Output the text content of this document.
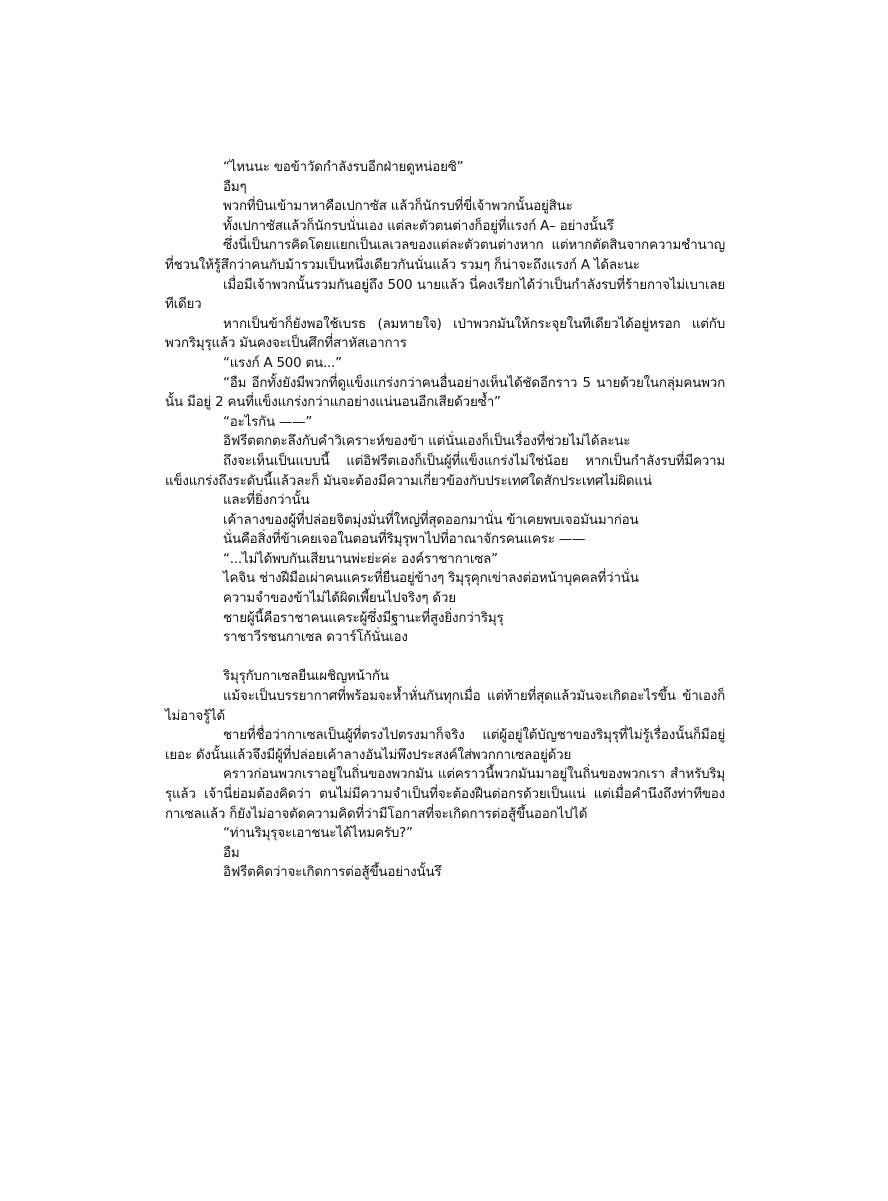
“ไหนนะ ขอข้าวัดกำลังรบอีกฝ่ายดูหน่อยซิ”

อืมๆ

พวกที่บินเข้ามาหาคือเปกาซัส แล้วก็นักรบที่ขี่เจ้าพวกนั้นอยู่สินะ

ทั้งเปกาซัสแล้วก็นักรบนั่นเอง แต่ละตัวตนต่างก็อยู่ที่แรงก์ A– อย่างนั้นรึ

ซึ่งนี่เป็นการคิดโดยแยกเป็นเลเวลของแต่ละตัวตนต่างหาก แต่หากตัดสินจากความชำนาญที่ชวนให้รู้สึกว่าคนกับม้ารวมเป็นหนึ่งเดียวกันนั่นแล้ว รวมๆ ก็น่าจะถึงแรงก์ A ได้ละนะ

เมื่อมีเจ้าพวกนั้นรวมกันอยู่ถึง 500 นายแล้ว นี่คงเรียกได้ว่าเป็นกำลังรบที่ร้ายกาจไม่เบาเลยทีเดียว

หากเป็นข้าก็ยังพอใช้เบรธ (ลมหายใจ) เป่าพวกมันให้กระจุยในทีเดียวได้อยู่หรอก แต่กับพวกริมุรุแล้ว มันคงจะเป็นศึกที่สาหัสเอาการ

“แรงก์ A 500 ตน...”

“อืม อีกทั้งยังมีพวกที่ดูแข็งแกร่งกว่าคนอื่นอย่างเห็นได้ชัดอีกราว 5 นายด้วยในกลุ่มคนพวกนั้น มีอยู่ 2 คนที่แข็งแกร่งกว่าแกอย่างแน่นอนอีกเสียด้วยซ้ำ”

“อะไรกัน ——”

อิฟรีตตกตะลึงกับคำวิเคราะห์ของข้า แต่นั่นเองก็เป็นเรื่องที่ช่วยไม่ได้ละนะ

ถึงจะเห็นเป็นแบบนี้ แต่อิฟรีตเองก็เป็นผู้ที่แข็งแกร่งไม่ใช่น้อย หากเป็นกำลังรบที่มีความแข็งแกร่งถึงระดับนี้แล้วละก็ มันจะต้องมีความเกี่ยวข้องกับประเทศใดสักประเทศไม่ผิดแน่

และที่ยิ่งกว่านั้น

เค้าลางของผู้ที่ปล่อยจิตมุ่งมั่นที่ใหญ่ที่สุดออกมานั่น ข้าเคยพบเจอมันมาก่อน

นั่นคือสิ่งที่ข้าเคยเจอในตอนที่ริมุรุพาไปที่อาณาจักรคนแคระ ——

“...ไม่ได้พบกันเสียนานพ่ะย่ะค่ะ องค์ราชากาเซล”

ไคจิน ช่างฝีมือเผ่าคนแคระที่ยืนอยู่ข้างๆ ริมุรุคุกเข่าลงต่อหน้าบุคคลที่ว่านั่น

ความจำของข้าไม่ได้ผิดเพี้ยนไปจริงๆ ด้วย

ชายผู้นี้คือราชาคนแคระผู้ซึ่งมีฐานะที่สูงยิ่งกว่าริมุรุ

ราชาวีรชนกาเซล ดวาร์โก้นั่นเอง

ริมุรุกับกาเซลยืนเผชิญหน้ากัน

แม้จะเป็นบรรยากาศที่พร้อมจะห้ำหั่นกันทุกเมื่อ แต่ท้ายที่สุดแล้วมันจะเกิดอะไรขึ้น ข้าเองก็ไม่อาจรู้ได้

ชายที่ชื่อว่ากาเซลเป็นผู้ที่ตรงไปตรงมาก็จริง แต่ผู้อยู่ใต้บัญชาของริมุรุที่ไม่รู้เรื่องนั้นก็มีอยู่เยอะ ดังนั้นแล้วจึงมีผู้ที่ปล่อยเค้าลางอันไม่พึงประสงค์ใส่พวกกาเซลอยู่ด้วย

คราวก่อนพวกเราอยู่ในถิ่นของพวกมัน แต่คราวนี้พวกมันมาอยู่ในถิ่นของพวกเรา สำหรับริมุรุแล้ว เจ้านี่ย่อมต้องคิดว่า ตนไม่มีความจำเป็นที่จะต้องฝืนต่อกรด้วยเป็นแน่ แต่เมื่อคำนึงถึงท่าทีของกาเซลแล้ว ก็ยังไม่อาจตัดความคิดที่ว่ามีโอกาสที่จะเกิดการต่อสู้ขึ้นออกไปได้

“ท่านริมุรุจะเอาชนะได้ไหมครับ?”

อืม

อิฟรีตคิดว่าจะเกิดการต่อสู้ขึ้นอย่างนั้นรึ
